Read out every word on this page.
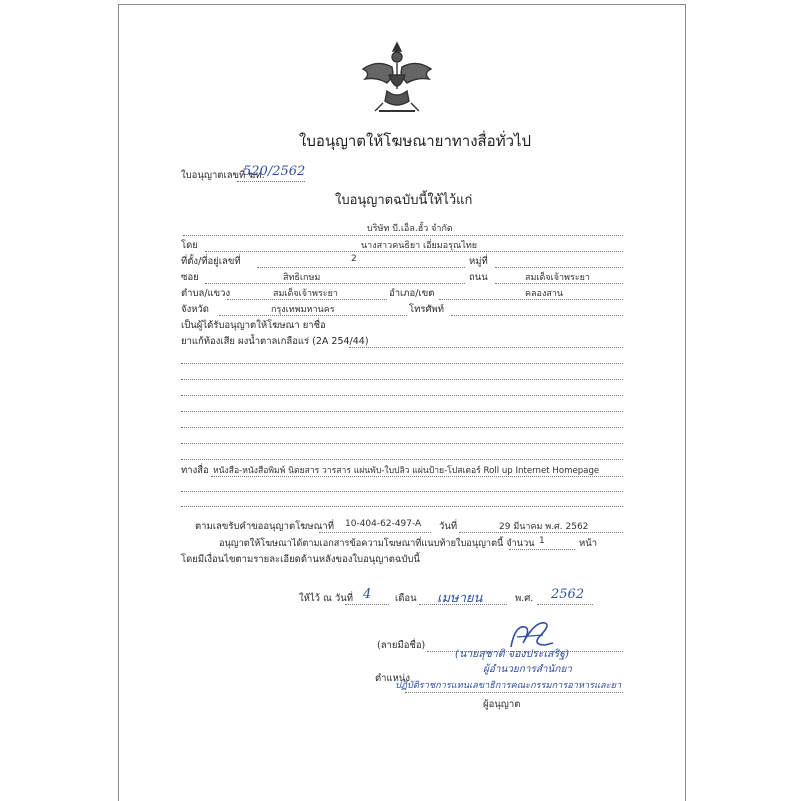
ใบอนุญาตให้โฆษณายาทางสื่อทั่วไป
ใบอนุญาตเลขที่ ฆท.
520/2562
ใบอนุญาตฉบับนี้ให้ไว้แก่
บริษัท บี.เอ็ล.ฮั้ว จำกัด
โดย	นางสาวคนธิยา เอี่ยมอรุณไทย
ที่ตั้ง/ที่อยู่เลขที่	2	หมู่ที่
ซอย	สิทธิเกษม	ถนน	สมเด็จเจ้าพระยา
ตำบล/แขวง	สมเด็จเจ้าพระยา	อำเภอ/เขต	คลองสาน
จังหวัด	กรุงเทพมหานคร	โทรศัพท์
เป็นผู้ได้รับอนุญาตให้โฆษณา ยาชื่อ
ยาแก้ท้องเสีย ผงน้ำตาลเกลือแร่ (2A 254/44)
ทางสื่อ หนังสือ-หนังสือพิมพ์ นิตยสาร วารสาร แผ่นพับ-ใบปลิว แผ่นป้าย-โปสเตอร์ Roll up Internet Homepage
ตามเลขรับคำขออนุญาตโฆษณาที่ 10-404-62-497-A วันที่	29 มีนาคม พ.ศ. 2562
อนุญาตให้โฆษณาได้ตามเอกสารข้อความโฆษณาที่แนบท้ายใบอนุญาตนี้ จำนวน 1	หน้า
โดยมีเงื่อนไขตามรายละเอียดด้านหลังของใบอนุญาตฉบับนี้
ให้ไว้ ณ วันที่ 4 เดือน เมษายน	พ.ศ. 2562
(ลายมือชื่อ)
(นายสุชาติ จองประเสริฐ)
ผู้อำนวยการสำนักยา
ตำแหน่ง
ปฏิบัติราชการแทนเลขาธิการคณะกรรมการอาหารและยา
ผู้อนุญาต
